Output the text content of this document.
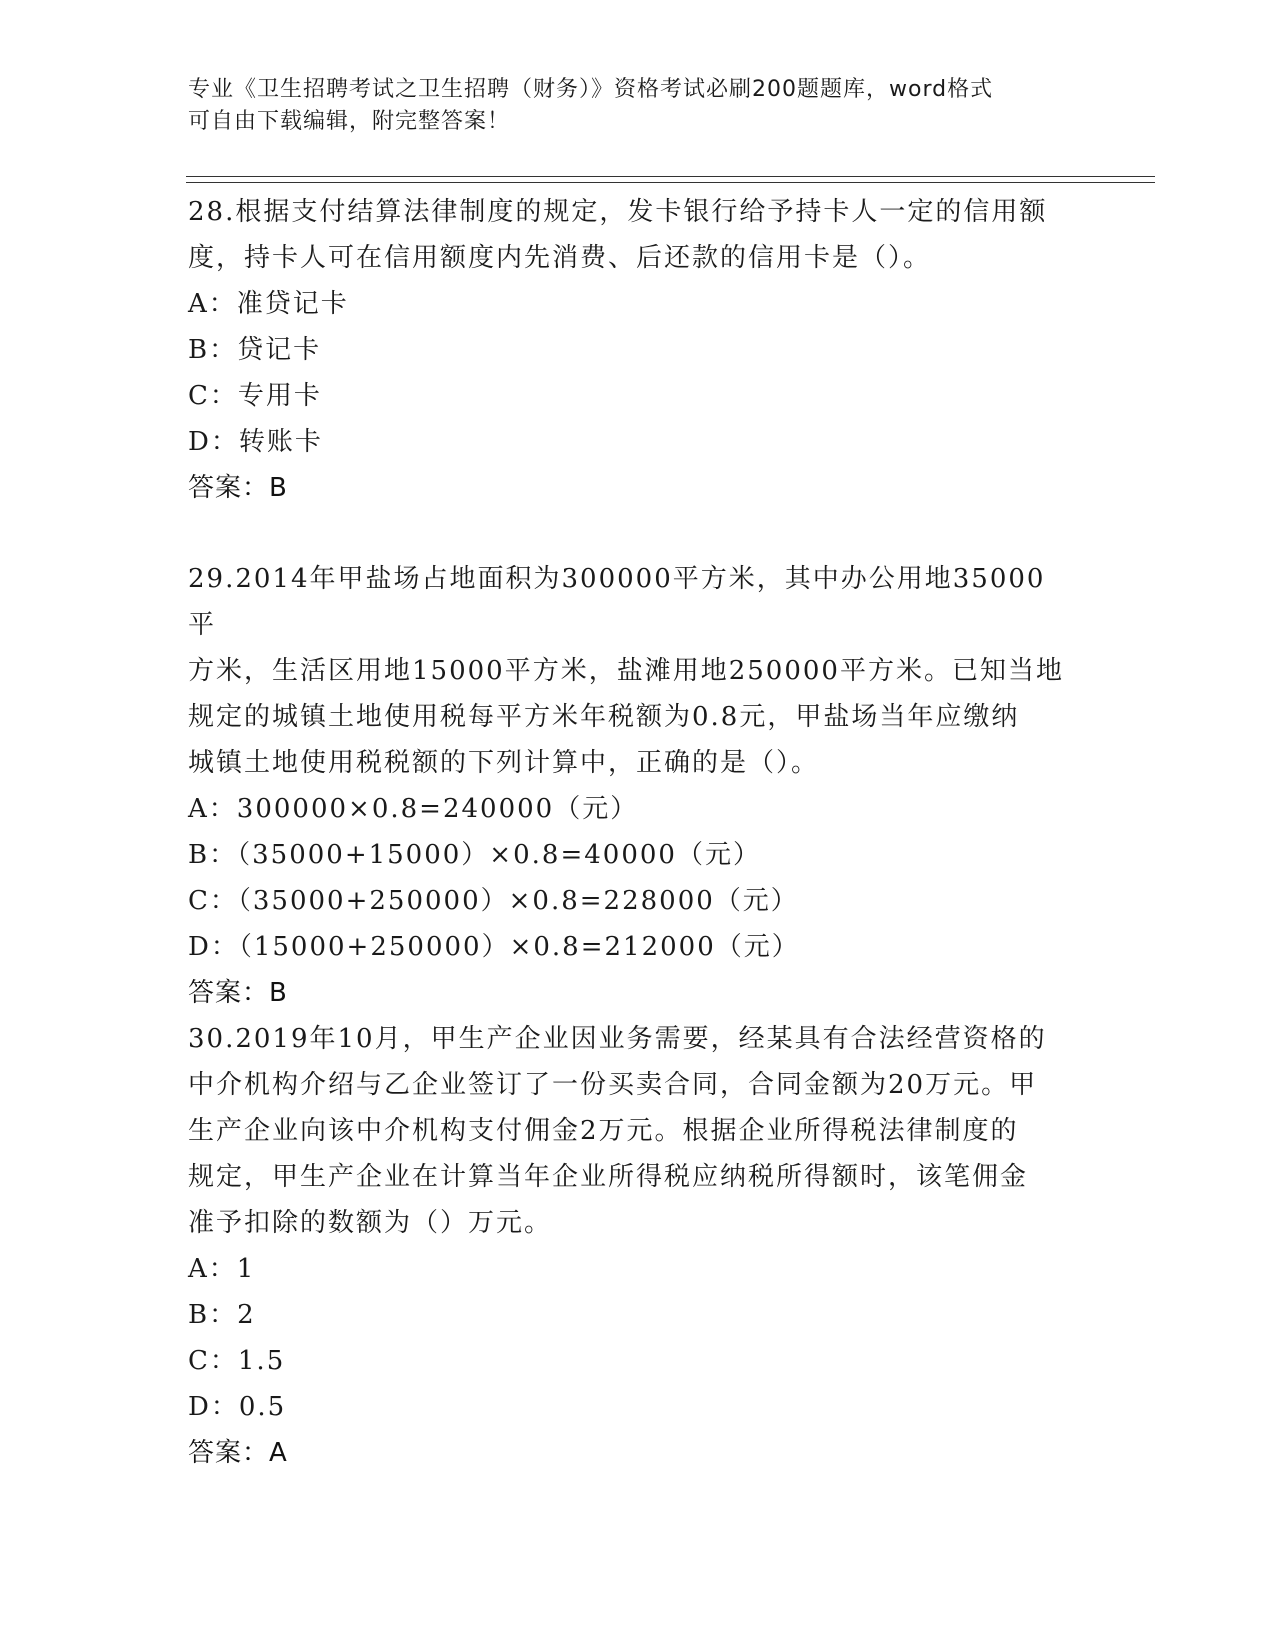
专业《卫生招聘考试之卫生招聘（财务）》资格考试必刷200题题库，word格式
可自由下载编辑，附完整答案！

28.根据支付结算法律制度的规定，发卡银行给予持卡人一定的信用额

度，持卡人可在信用额度内先消费、后还款的信用卡是（）。

A：准贷记卡

B：贷记卡

C：专用卡

D：转账卡

答案：B

29.2014年甲盐场占地面积为300000平方米，其中办公用地35000平

方米，生活区用地15000平方米，盐滩用地250000平方米。已知当地

规定的城镇土地使用税每平方米年税额为0.8元，甲盐场当年应缴纳

城镇土地使用税税额的下列计算中，正确的是（）。

A：300000×0.8=240000（元）

B：（35000+15000）×0.8=40000（元）

C：（35000+250000）×0.8=228000（元）

D：（15000+250000）×0.8=212000（元）

答案：B

30.2019年10月，甲生产企业因业务需要，经某具有合法经营资格的

中介机构介绍与乙企业签订了一份买卖合同，合同金额为20万元。甲

生产企业向该中介机构支付佣金2万元。根据企业所得税法律制度的

规定，甲生产企业在计算当年企业所得税应纳税所得额时，该笔佣金

准予扣除的数额为（）万元。

A：1

B：2

C：1.5

D：0.5

答案：A
